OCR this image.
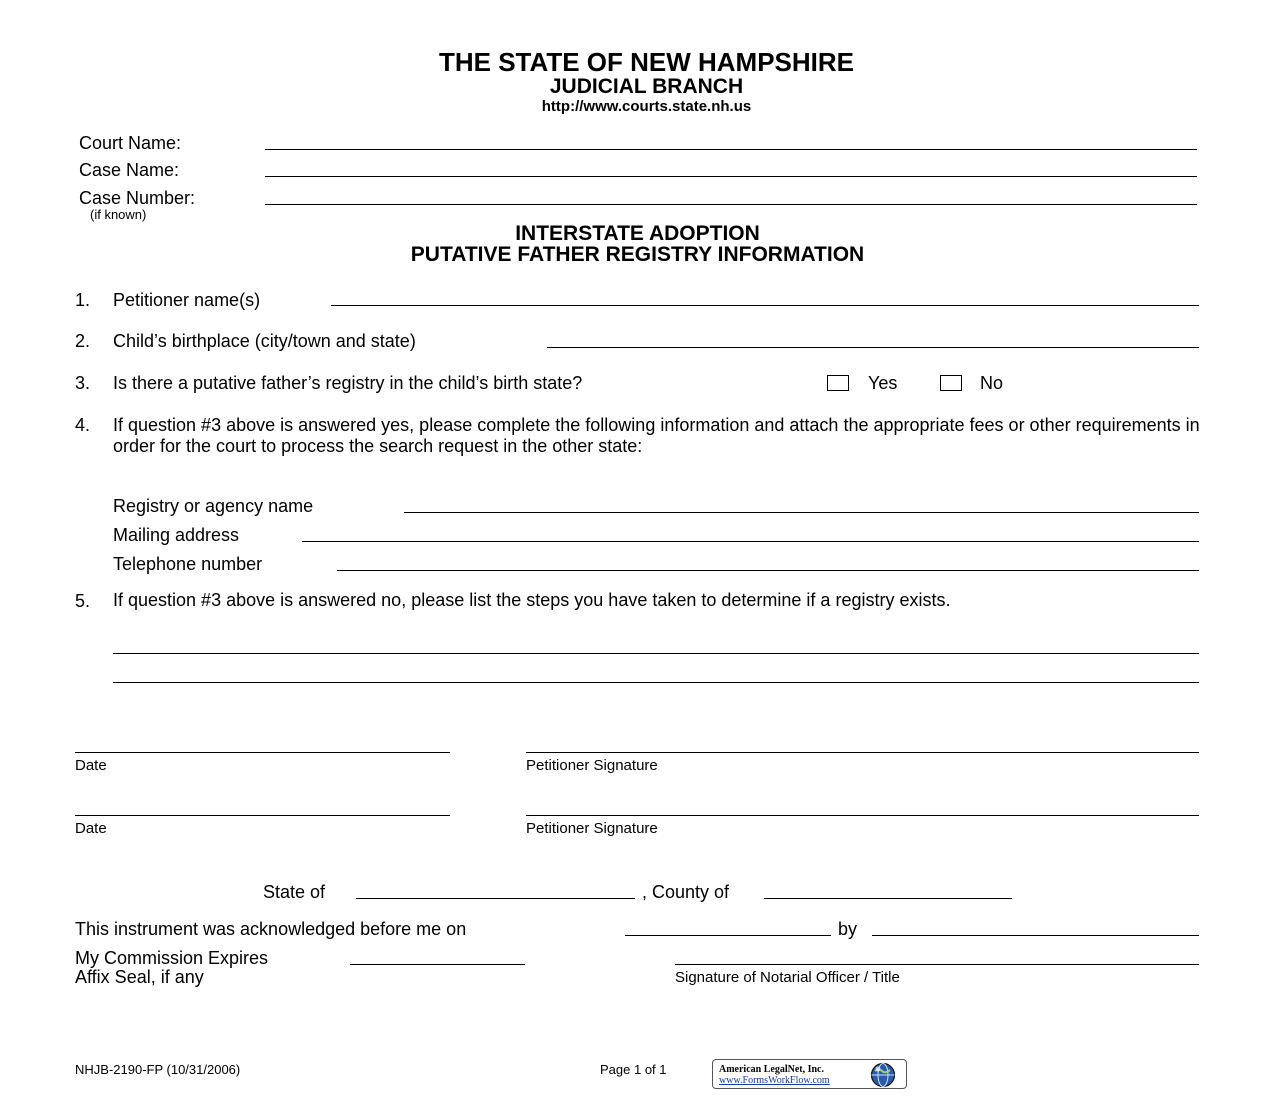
THE STATE OF NEW HAMPSHIRE
JUDICIAL BRANCH
http://www.courts.state.nh.us
Court Name:
Case Name:
Case Number:
(if known)
INTERSTATE ADOPTION
PUTATIVE FATHER REGISTRY INFORMATION
1. Petitioner name(s)
2. Child’s birthplace (city/town and state)
3. Is there a putative father’s registry in the child’s birth state?	Yes	No
4. If question #3 above is answered yes, please complete the following information and attach the appropriate fees or other requirements in order for the court to process the search request in the other state:
Registry or agency name
Mailing address
Telephone number
5. If question #3 above is answered no, please list the steps you have taken to determine if a registry exists.
Date	Petitioner Signature
Date	Petitioner Signature
State of	, County of
This instrument was acknowledged before me on	by
My Commission Expires
Affix Seal, if any	Signature of Notarial Officer / Title
NHJB-2190-FP (10/31/2006)	Page 1 of 1	American LegalNet, Inc.
www.FormsWorkFlow.com
